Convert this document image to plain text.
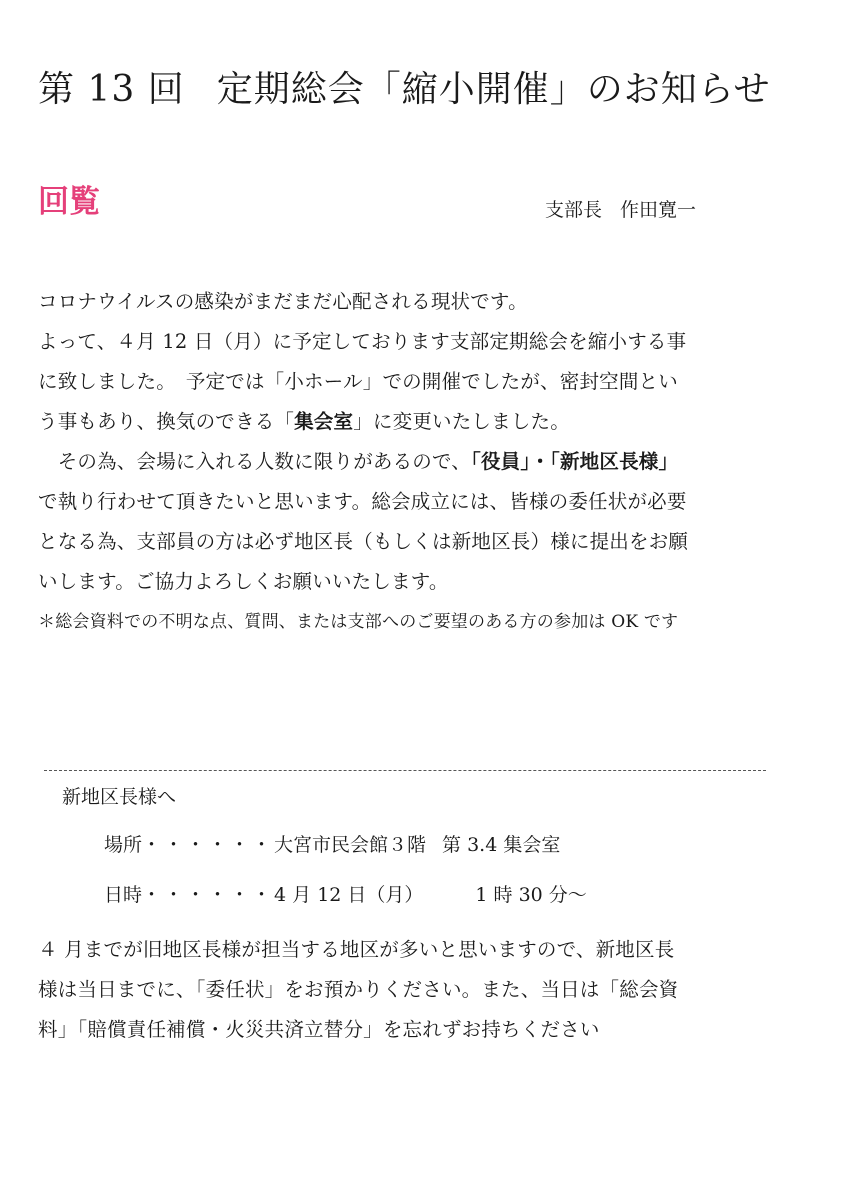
第 13 回 定期総会「縮小開催」のお知らせ
回覧	支部長 作田寛一
コロナウイルスの感染がまだまだ心配される現状です。
よって、４月 12 日（月）に予定しております支部定期総会を縮小する事
に致しました。　予定では「小ホール」での開催でしたが、密封空間とい
う事もあり、換気のできる「集会室」に変更いたしました。
　その為、会場に入れる人数に限りがあるので、「役員」・「新地区長様」
で執り行わせて頂きたいと思います。総会成立には、皆様の委任状が必要
となる為、支部員の方は必ず地区長（もしくは新地区長）様に提出をお願
いします。ご協力よろしくお願いいたします。
＊総会資料での不明な点、質問、または支部へのご要望のある方の参加は OK です
新地区長様へ
場所・・・・・・大宮市民会館３階 第 3.4 集会室
日時・・・・・・4 月 12 日（月）	1 時 30 分～
４ 月までが旧地区長様が担当する地区が多いと思いますので、新地区長
様は当日までに、「委任状」をお預かりください。また、当日は「総会資
料」「賠償責任補償・火災共済立替分」を忘れずお持ちください
